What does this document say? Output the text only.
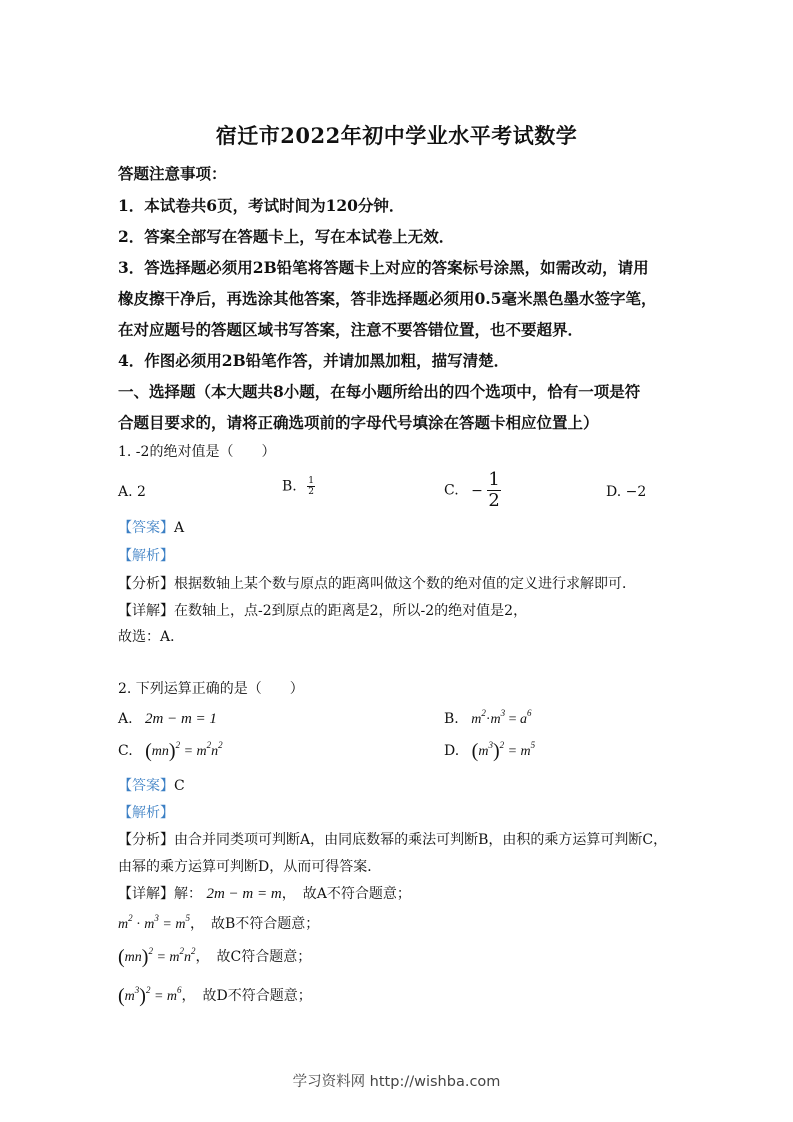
宿迁市2022年初中学业水平考试数学
答题注意事项：
1．本试卷共6页，考试时间为120分钟．
2．答案全部写在答题卡上，写在本试卷上无效．
3．答选择题必须用2B铅笔将答题卡上对应的答案标号涂黑，如需改动，请用
橡皮擦干净后，再选涂其他答案，答非选择题必须用0.5毫米黑色墨水签字笔，
在对应题号的答题区域书写答案，注意不要答错位置，也不要超界．
4．作图必须用2B铅笔作答，并请加黑加粗，描写清楚．
一、选择题（本大题共8小题，在每小题所给出的四个选项中，恰有一项是符
合题目要求的，请将正确选项前的字母代号填涂在答题卡相应位置上）
1. -2的绝对值是（　　）
A. 2	B. $\frac{1}{2}$	C. − $\frac{1}{2}$	D. −2
【答案】A
【解析】
【分析】根据数轴上某个数与原点的距离叫做这个数的绝对值的定义进行求解即可．
【详解】在数轴上，点-2到原点的距离是2，所以-2的绝对值是2，
故选：A．
2. 下列运算正确的是（　　）
A. 2m − m = 1	B. $m^2\cdot m^3 = a^6$
C. $(mn)^2 = m^2n^2$	D. $(m^3)^2 = m^5$
【答案】C
【解析】
【分析】由合并同类项可判断A，由同底数幂的乘法可判断B，由积的乘方运算可判断C，
由幂的乘方运算可判断D，从而可得答案．
【详解】解： 2m − m = m，　故A不符合题意；
$m^2 \cdot m^3 = m^5$，　故B不符合题意；
$(mn)^2 = m^2n^2$，　故C符合题意；
$(m^3)^2 = m^6$，　故D不符合题意；
学习资料网 http://wishba.com
